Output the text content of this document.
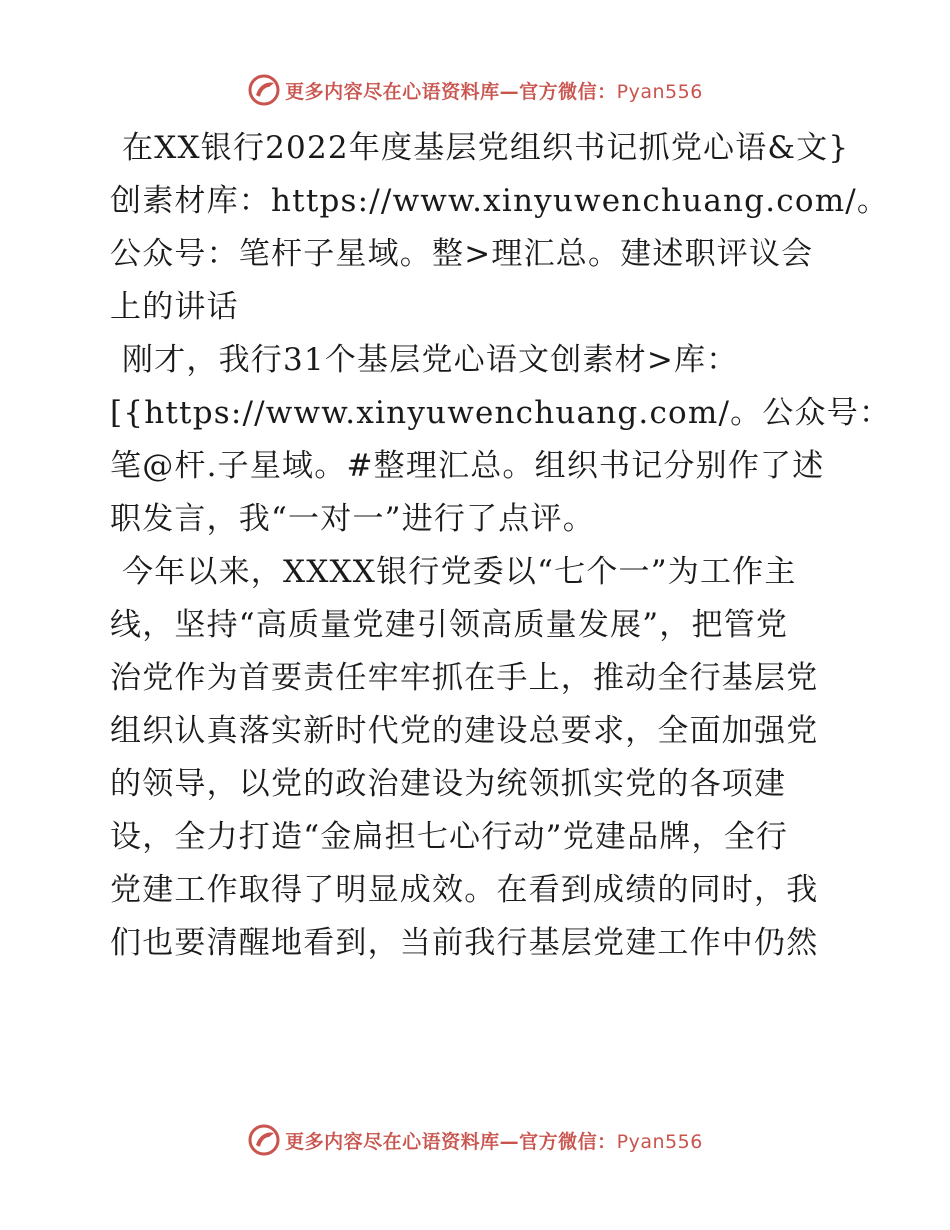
更多内容尽在心语资料库—官方微信：Pyan556
在XX银行2022年度基层党组织书记抓党心语&文}
创素材库：https://www.xinyuwenchuang.com/。
公众号：笔杆子星域。整>理汇总。建述职评议会
上的讲话
刚才，我行31个基层党心语文创素材>库：
[{https://www.xinyuwenchuang.com/。公众号：
笔@杆.子星域。#整理汇总。组织书记分别作了述
职发言，我“一对一”进行了点评。
今年以来，XXXX银行党委以“七个一”为工作主
线，坚持“高质量党建引领高质量发展”，把管党
治党作为首要责任牢牢抓在手上，推动全行基层党
组织认真落实新时代党的建设总要求，全面加强党
的领导，以党的政治建设为统领抓实党的各项建
设，全力打造“金扁担七心行动”党建品牌，全行
党建工作取得了明显成效。在看到成绩的同时，我
们也要清醒地看到，当前我行基层党建工作中仍然
更多内容尽在心语资料库—官方微信：Pyan556
